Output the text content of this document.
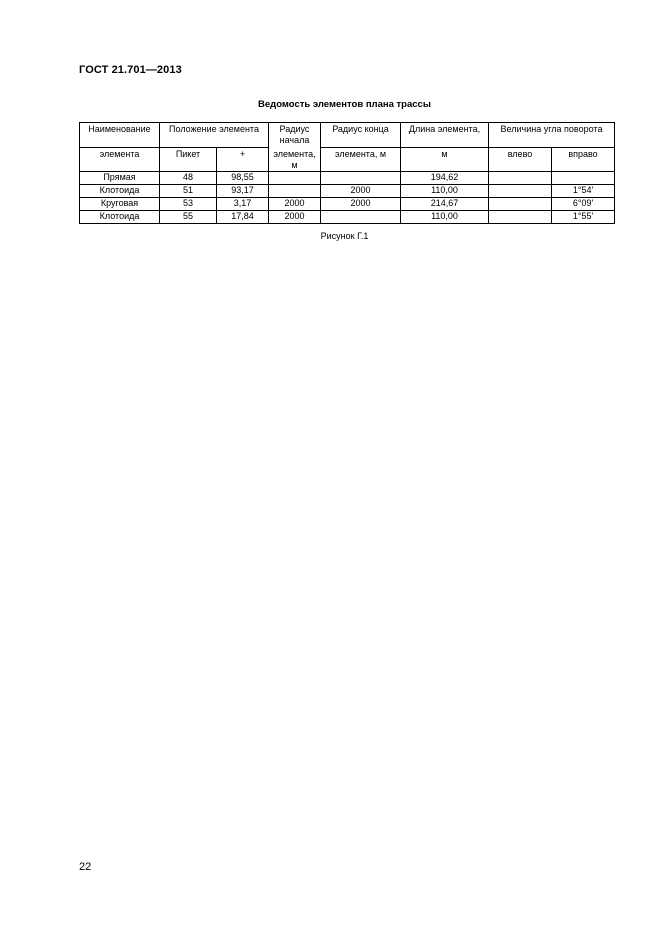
ГОСТ 21.701—2013
Ведомость элементов плана трассы
Наименование	Положение элемента		Радиус начала	Радиус конца	Длина элемента,	Величина угла поворота	
элемента	Пикет	+	элемента, м	элемента, м	м	влево	вправо
Прямая	48	98,55			194,62		
Клотоида	51	93,17		2000	110,00		1°54'
Круговая	53	3,17	2000	2000	214,67		6°09'
Клотоида	55	17,84	2000		110,00		1°55'
Рисунок Г.1
22
